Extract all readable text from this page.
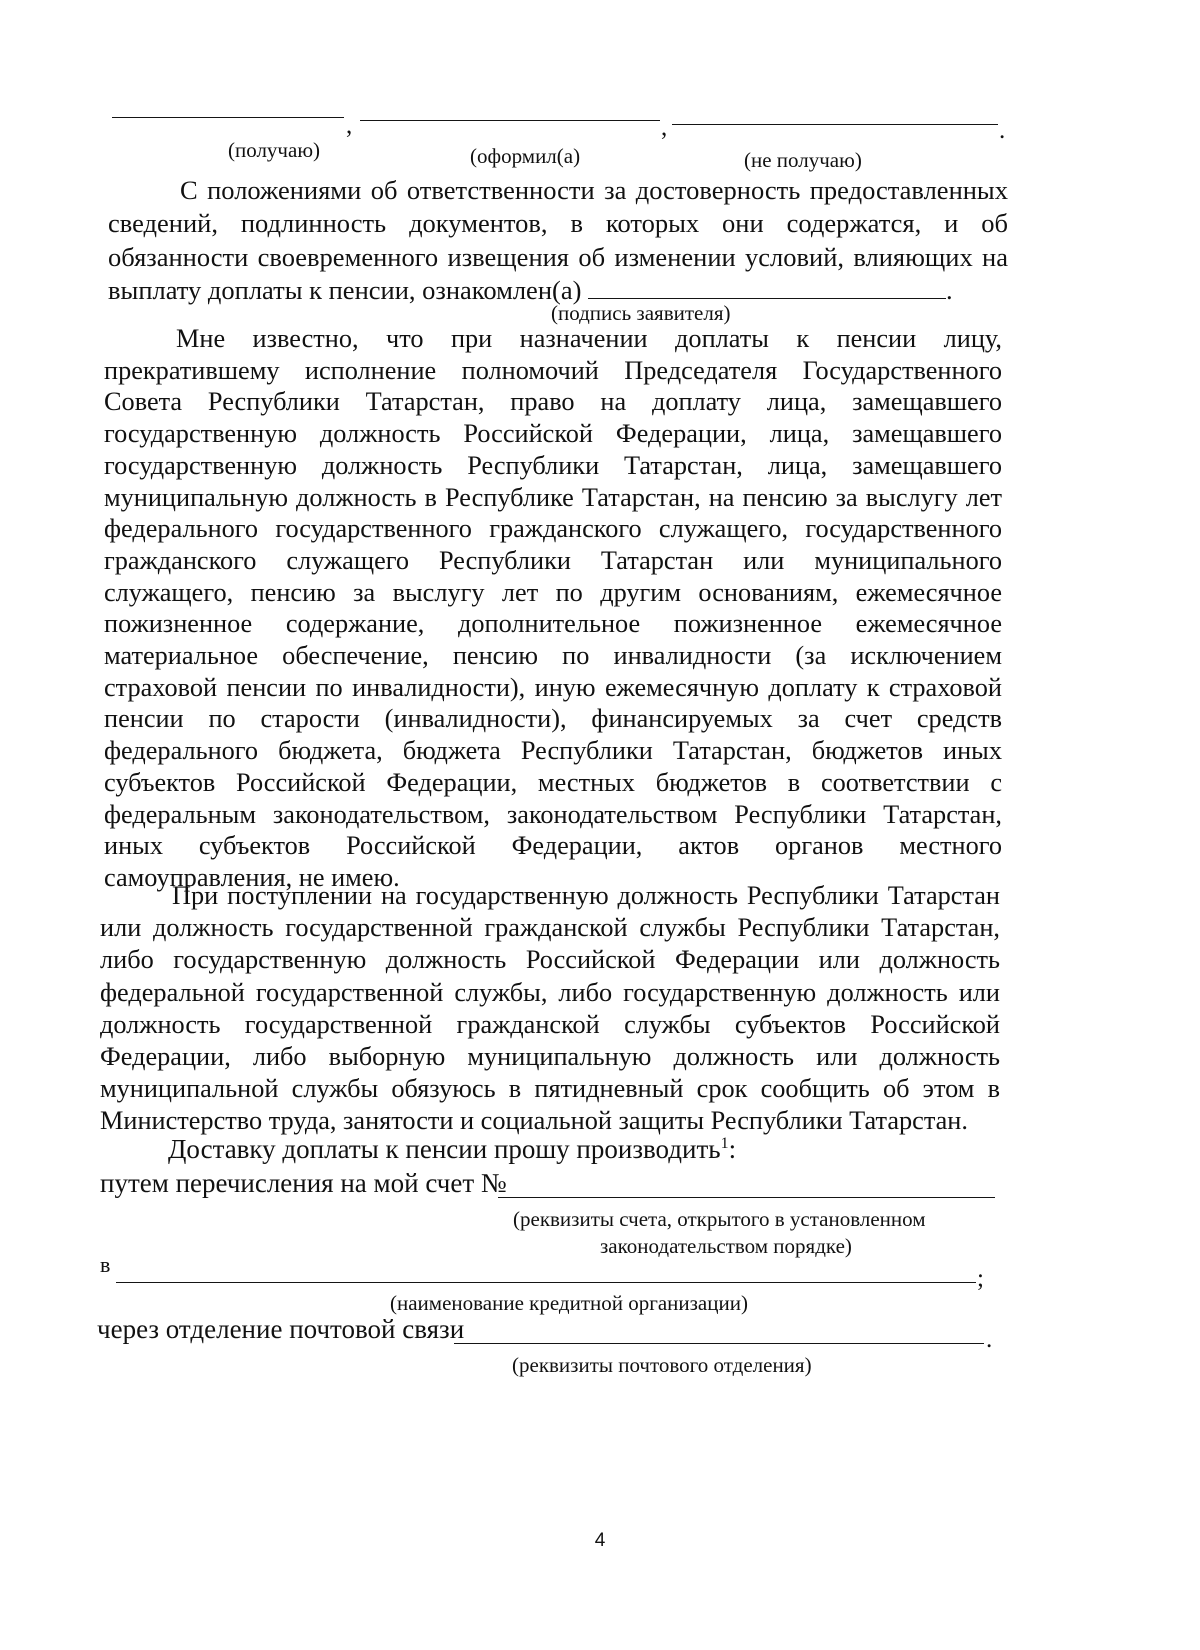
,	,	.
(получаю)	(оформил(а)	(не получаю)

С положениями об ответственности за достоверность предоставленных сведений, подлинность документов, в которых они содержатся, и об обязанности своевременного извещения об изменении условий, влияющих на выплату доплаты к пенсии, ознакомлен(а)	.

(подпись заявителя)

Мне известно, что при назначении доплаты к пенсии лицу, прекратившему исполнение полномочий Председателя Государственного Совета Республики Татарстан, право на доплату лица, замещавшего государственную должность Российской Федерации, лица, замещавшего государственную должность Республики Татарстан, лица, замещавшего муниципальную должность в Республике Татарстан, на пенсию за выслугу лет федерального государственного гражданского служащего, государственного гражданского служащего Республики Татарстан или муниципального служащего, пенсию за выслугу лет по другим основаниям, ежемесячное пожизненное содержание, дополнительное пожизненное ежемесячное материальное обеспечение, пенсию по инвалидности (за исключением страховой пенсии по инвалидности), иную ежемесячную доплату к страховой пенсии по старости (инвалидности), финансируемых за счет средств федерального бюджета, бюджета Республики Татарстан, бюджетов иных субъектов Российской Федерации, местных бюджетов в соответствии с федеральным законодательством, законодательством Республики Татарстан, иных субъектов Российской Федерации, актов органов местного самоуправления, не имею.

При поступлении на государственную должность Республики Татарстан или должность государственной гражданской службы Республики Татарстан, либо государственную должность Российской Федерации или должность федеральной государственной службы, либо государственную должность или должность государственной гражданской службы субъектов Российской Федерации, либо выборную муниципальную должность или должность муниципальной службы обязуюсь в пятидневный срок сообщить об этом в Министерство труда, занятости и социальной защиты Республики Татарстан.

Доставку доплаты к пенсии прошу производить$^1$:
путем перечисления на мой счет №
(реквизиты счета, открытого в установленном
законодательством порядке)
в
;
(наименование кредитной организации)
через отделение почтовой связи	.
(реквизиты почтового отделения)
4
